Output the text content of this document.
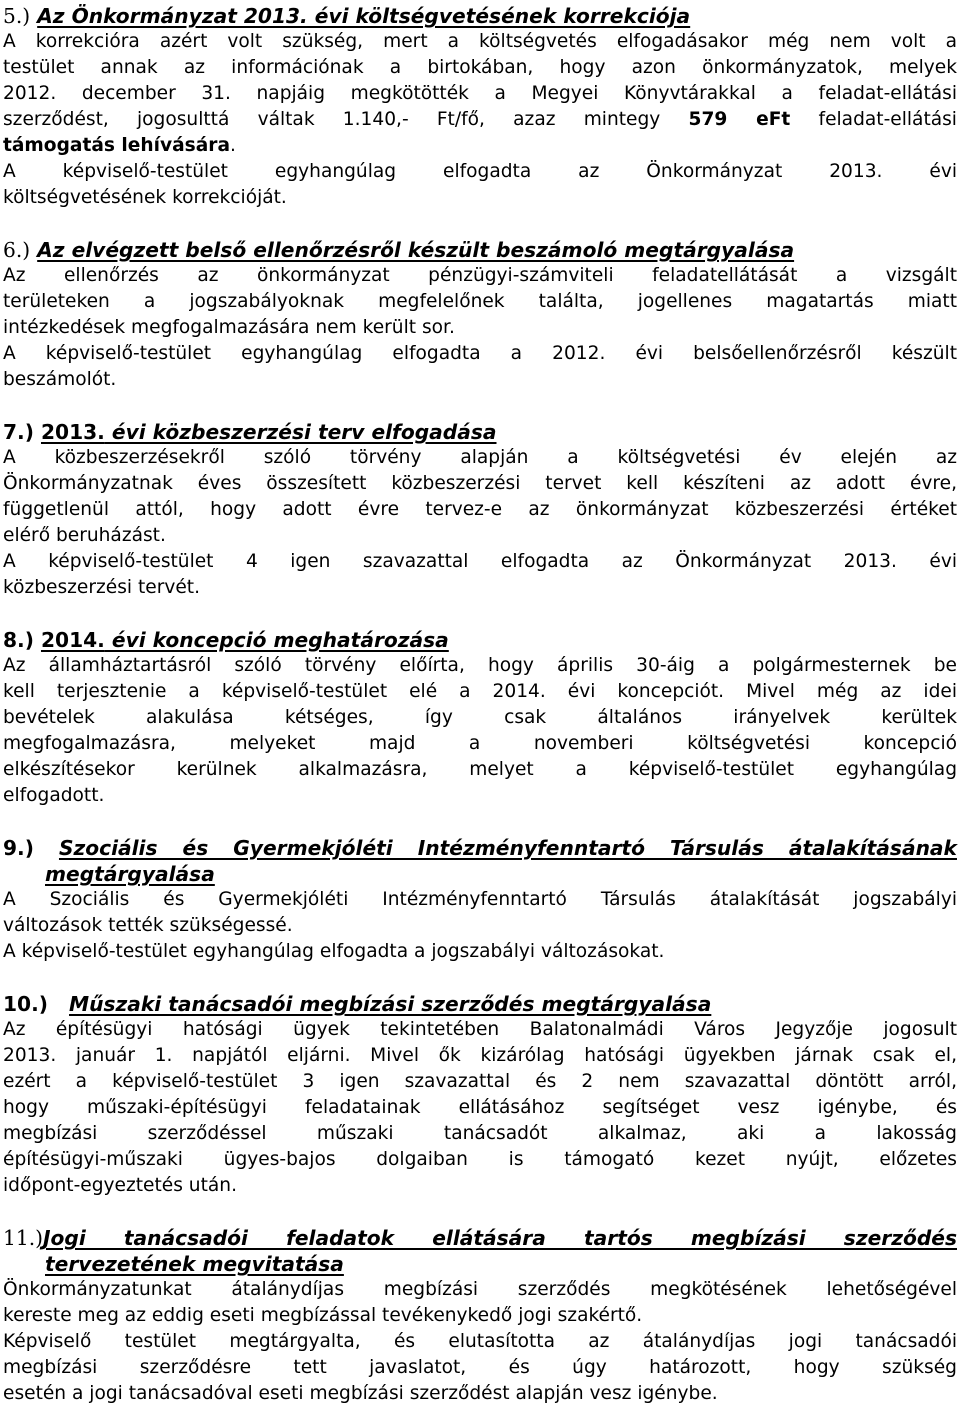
5.) Az Önkormányzat 2013. évi költségvetésének korrekciója

A korrekcióra azért volt szükség, mert a költségvetés elfogadásakor még nem volt a
testület annak az információnak a birtokában, hogy azon önkormányzatok, melyek
2012. december 31. napjáig megkötötték a Megyei Könyvtárakkal a feladat-ellátási
szerződést, jogosulttá váltak 1.140,- Ft/fő, azaz mintegy 579 eFt feladat-ellátási
támogatás lehívására.

A képviselő-testület egyhangúlag elfogadta az Önkormányzat 2013. évi
költségvetésének korrekcióját.

6.) Az elvégzett belső ellenőrzésről készült beszámoló megtárgyalása

Az ellenőrzés az önkormányzat pénzügyi-számviteli feladatellátását a vizsgált
területeken a jogszabályoknak megfelelőnek találta, jogellenes magatartás miatt
intézkedések megfogalmazására nem került sor.

A képviselő-testület egyhangúlag elfogadta a 2012. évi belsőellenőrzésről készült
beszámolót.

7.) 2013. évi közbeszerzési terv elfogadása

A közbeszerzésekről szóló törvény alapján a költségvetési év elején az
Önkormányzatnak éves összesített közbeszerzési tervet kell készíteni az adott évre,
függetlenül attól, hogy adott évre tervez-e az önkormányzat közbeszerzési értéket
elérő beruházást.

A képviselő-testület 4 igen szavazattal elfogadta az Önkormányzat 2013. évi
közbeszerzési tervét.

8.) 2014. évi koncepció meghatározása

Az államháztartásról szóló törvény előírta, hogy április 30-áig a polgármesternek be
kell terjesztenie a képviselő-testület elé a 2014. évi koncepciót. Mivel még az idei
bevételek alakulása kétséges, így csak általános irányelvek kerültek
megfogalmazásra, melyeket majd a novemberi költségvetési koncepció
elkészítésekor kerülnek alkalmazásra, melyet a képviselő-testület egyhangúlag
elfogadott.

9.) Szociális és Gyermekjóléti Intézményfenntartó Társulás átalakításának
megtárgyalása

A Szociális és Gyermekjóléti Intézményfenntartó Társulás átalakítását jogszabályi
változások tették szükségessé.

A képviselő-testület egyhangúlag elfogadta a jogszabályi változásokat.

10.) Műszaki tanácsadói megbízási szerződés megtárgyalása

Az építésügyi hatósági ügyek tekintetében Balatonalmádi Város Jegyzője jogosult
2013. január 1. napjától eljárni. Mivel ők kizárólag hatósági ügyekben járnak csak el,
ezért a képviselő-testület 3 igen szavazattal és 2 nem szavazattal döntött arról,
hogy műszaki-építésügyi feladatainak ellátásához segítséget vesz igénybe, és
megbízási szerződéssel műszaki tanácsadót alkalmaz, aki a lakosság
építésügyi-műszaki ügyes-bajos dolgaiban is támogató kezet nyújt, előzetes
időpont-egyeztetés után.

11.)Jogi tanácsadói feladatok ellátására tartós megbízási szerződés
tervezetének megvitatása

Önkormányzatunkat átalánydíjas megbízási szerződés megkötésének lehetőségével
kereste meg az eddig eseti megbízással tevékenykedő jogi szakértő.

Képviselő testület megtárgyalta, és elutasította az átalánydíjas jogi tanácsadói
megbízási szerződésre tett javaslatot, és úgy határozott, hogy szükség
esetén a jogi tanácsadóval eseti megbízási szerződést alapján vesz igénybe.
